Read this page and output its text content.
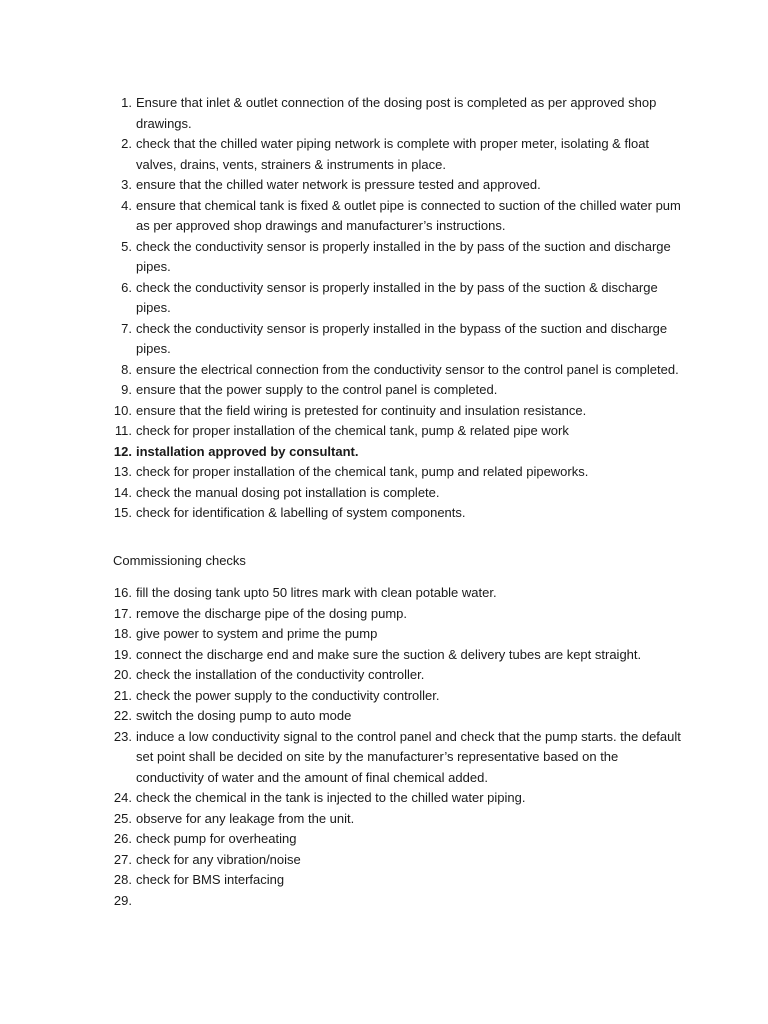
1. Ensure that inlet & outlet connection of the dosing post is completed as per approved shop drawings.
2. check that the chilled water piping network is complete with proper meter, isolating & float valves, drains, vents, strainers & instruments in place.
3. ensure that the chilled water network is pressure tested and approved.
4. ensure that chemical tank is fixed & outlet pipe is connected to suction of the chilled water pum as per approved shop drawings and manufacturer’s instructions.
5. check the conductivity sensor is properly installed in the by pass of the suction and discharge pipes.
6. check the conductivity sensor is properly installed in the by pass of the suction & discharge pipes.
7. check the conductivity sensor is properly installed in the bypass of the suction and discharge pipes.
8. ensure the electrical connection from the conductivity sensor to the control panel is completed.
9. ensure that the power supply to the control panel is completed.
10. ensure that the field wiring is pretested for continuity and insulation resistance.
11. check for proper installation of the chemical tank, pump & related pipe work
12. installation approved by consultant.
13. check for proper installation of the chemical tank, pump and related pipeworks.
14. check the manual dosing pot installation is complete.
15. check for identification & labelling of system components.
Commissioning checks
16. fill the dosing tank upto 50 litres mark with clean potable water.
17. remove the discharge pipe of the dosing pump.
18. give power to system and prime the pump
19. connect the discharge end and make sure the suction & delivery tubes are kept straight.
20. check the installation of the conductivity controller.
21. check the power supply to the conductivity controller.
22. switch the dosing pump to auto mode
23. induce a low conductivity signal to the control panel and check that the pump starts. the default set point shall be decided on site by the manufacturer’s representative based on the conductivity of water and the amount of final chemical added.
24. check the chemical in the tank is injected to the chilled water piping.
25. observe for any leakage from the unit.
26. check pump for overheating
27. check for any vibration/noise
28. check for BMS interfacing
29.
